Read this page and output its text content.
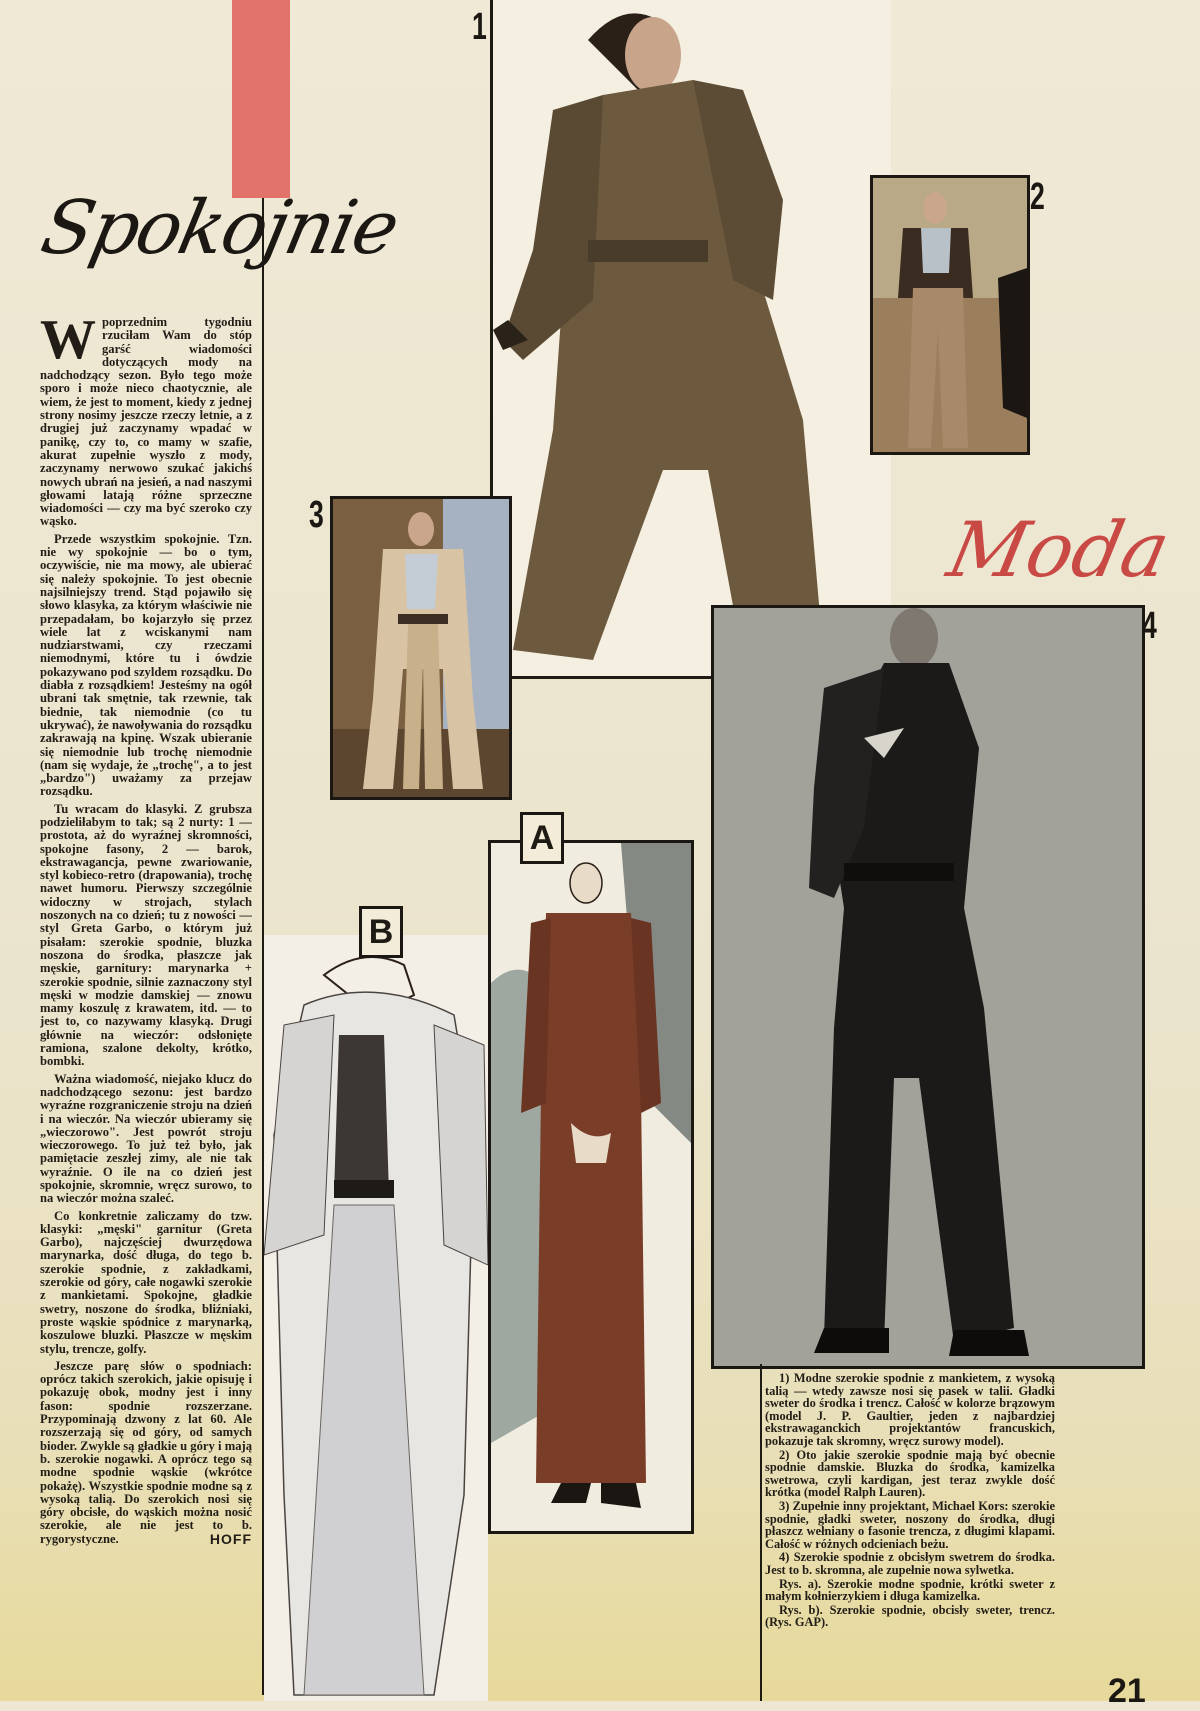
Spokojnie
1
2
3	Moda
4
A
B
W poprzednim tygodniu rzuciłam Wam do stóp garść wiadomości dotyczących mody na nadchodzący sezon. Było tego może sporo i może nieco chaotycznie, ale wiem, że jest to moment, kiedy z jednej strony nosimy jeszcze rzeczy letnie, a z drugiej już zaczynamy wpadać w panikę, czy to, co mamy w szafie, akurat zupełnie wyszło z mody, zaczynamy nerwowo szukać jakichś nowych ubrań na jesień, a nad naszymi głowami latają różne sprzeczne wiadomości — czy ma być szeroko czy wąsko.

Przede wszystkim spokojnie. Tzn. nie wy spokojnie — bo o tym, oczywiście, nie ma mowy, ale ubierać się należy spokojnie. To jest obecnie najsilniejszy trend. Stąd pojawiło się słowo klasyka, za którym właściwie nie przepadałam, bo kojarzyło się przez wiele lat z wciskanymi nam nudziarstwami, czy rzeczami niemodnymi, które tu i ówdzie pokazywano pod szyldem rozsądku. Do diabła z rozsądkiem! Jesteśmy na ogół ubrani tak smętnie, tak rzewnie, tak biednie, tak niemodnie (co tu ukrywać), że nawoływania do rozsądku zakrawają na kpinę. Wszak ubieranie się niemodnie lub trochę niemodnie (nam się wydaje, że „trochę", a to jest „bardzo") uważamy za przejaw rozsądku.

Tu wracam do klasyki. Z grubsza podzieliłabym to tak; są 2 nurty: 1 — prostota, aż do wyraźnej skromności, spokojne fasony, 2 — barok, ekstrawagancja, pewne zwariowanie, styl kobieco-retro (drapowania), trochę nawet humoru. Pierwszy szczególnie widoczny w strojach, stylach noszonych na co dzień; tu z nowości — styl Greta Garbo, o którym już pisałam: szerokie spodnie, bluzka noszona do środka, płaszcze jak męskie, garnitury: marynarka + szerokie spodnie, silnie zaznaczony styl męski w modzie damskiej — znowu mamy koszulę z krawatem, itd. — to jest to, co nazywamy klasyką. Drugi głównie na wieczór: odsłonięte ramiona, szalone dekolty, krótko, bombki.

Ważna wiadomość, niejako klucz do nadchodzącego sezonu: jest bardzo wyraźne rozgraniczenie stroju na dzień i na wieczór. Na wieczór ubieramy się „wieczorowo". Jest powrót stroju wieczorowego. To już też było, jak pamiętacie zeszłej zimy, ale nie tak wyraźnie. O ile na co dzień jest spokojnie, skromnie, wręcz surowo, to na wieczór można szaleć.

Co konkretnie zaliczamy do tzw. klasyki: „męski" garnitur (Greta Garbo), najczęściej dwurzędowa marynarka, dość długa, do tego b. szerokie spodnie, z zakładkami, szerokie od góry, całe nogawki szerokie z mankietami. Spokojne, gładkie swetry, noszone do środka, bliźniaki, proste wąskie spódnice z marynarką, koszulowe bluzki. Płaszcze w męskim stylu, trencze, golfy.

Jeszcze parę słów o spodniach: oprócz takich szerokich, jakie opisuję i pokazuję obok, modny jest i inny fason: spodnie rozszerzane. Przypominają dzwony z lat 60. Ale rozszerzają się od góry, od samych bioder. Zwykle są gładkie u góry i mają b. szerokie nogawki. A oprócz tego są modne spodnie wąskie (wkrótce pokażę). Wszystkie spodnie modne są z wysoką talią. Do szerokich nosi się góry obcisłe, do wąskich można nosić szerokie, ale nie jest to b. rygorystyczne.	HOFF

1) Modne szerokie spodnie z mankietem, z wysoką talią — wtedy zawsze nosi się pasek w talii. Gładki sweter do środka i trencz. Całość w kolorze brązowym (model J. P. Gaultier, jeden z najbardziej ekstrawaganckich projektantów francuskich, pokazuje tak skromny, wręcz surowy model).

2) Oto jakie szerokie spodnie mają być obecnie spodnie damskie. Bluzka do środka, kamizelka swetrowa, czyli kardigan, jest teraz zwykle dość krótka (model Ralph Lauren).

3) Zupełnie inny projektant, Michael Kors: szerokie spodnie, gładki sweter, noszony do środka, długi płaszcz wełniany o fasonie trencza, z długimi klapami. Całość w różnych odcieniach beżu.

4) Szerokie spodnie z obcisłym swetrem do środka. Jest to b. skromna, ale zupełnie nowa sylwetka.

Rys. a). Szerokie modne spodnie, krótki sweter z małym kołnierzykiem i długa kamizelka.

Rys. b). Szerokie spodnie, obcisły sweter, trencz. (Rys. GAP).

21
